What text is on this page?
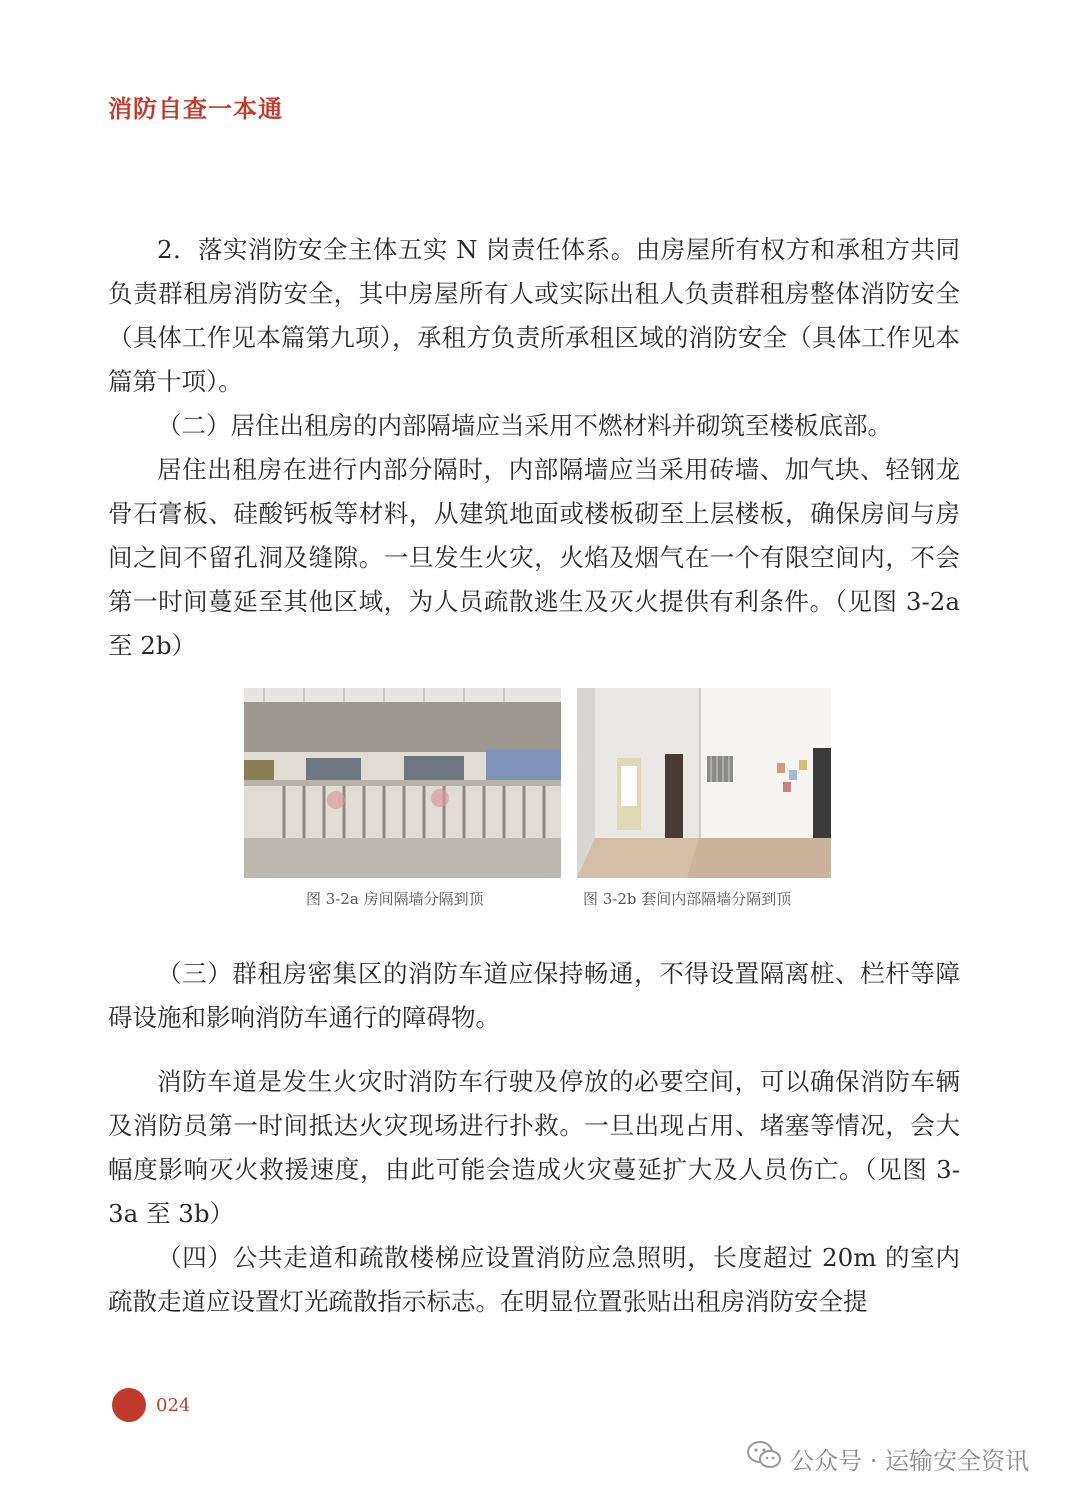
消防自查一本通

2．落实消防安全主体五实 N 岗责任体系。由房屋所有权方和承租方共同负责群租房消防安全，其中房屋所有人或实际出租人负责群租房整体消防安全（具体工作见本篇第九项），承租方负责所承租区域的消防安全（具体工作见本篇第十项）。

（二）居住出租房的内部隔墙应当采用不燃材料并砌筑至楼板底部。

居住出租房在进行内部分隔时，内部隔墙应当采用砖墙、加气块、轻钢龙骨石膏板、硅酸钙板等材料，从建筑地面或楼板砌至上层楼板，确保房间与房间之间不留孔洞及缝隙。一旦发生火灾，火焰及烟气在一个有限空间内，不会第一时间蔓延至其他区域，为人员疏散逃生及灭火提供有利条件。（见图 3-2a 至 2b）

图 3-2a 房间隔墙分隔到顶	图 3-2b 套间内部隔墙分隔到顶

（三）群租房密集区的消防车道应保持畅通，不得设置隔离桩、栏杆等障碍设施和影响消防车通行的障碍物。

消防车道是发生火灾时消防车行驶及停放的必要空间，可以确保消防车辆及消防员第一时间抵达火灾现场进行扑救。一旦出现占用、堵塞等情况，会大幅度影响灭火救援速度，由此可能会造成火灾蔓延扩大及人员伤亡。（见图 3-3a 至 3b）

（四）公共走道和疏散楼梯应设置消防应急照明，长度超过 20m 的室内疏散走道应设置灯光疏散指示标志。在明显位置张贴出租房消防安全提

024
公众号 · 运输安全资讯
